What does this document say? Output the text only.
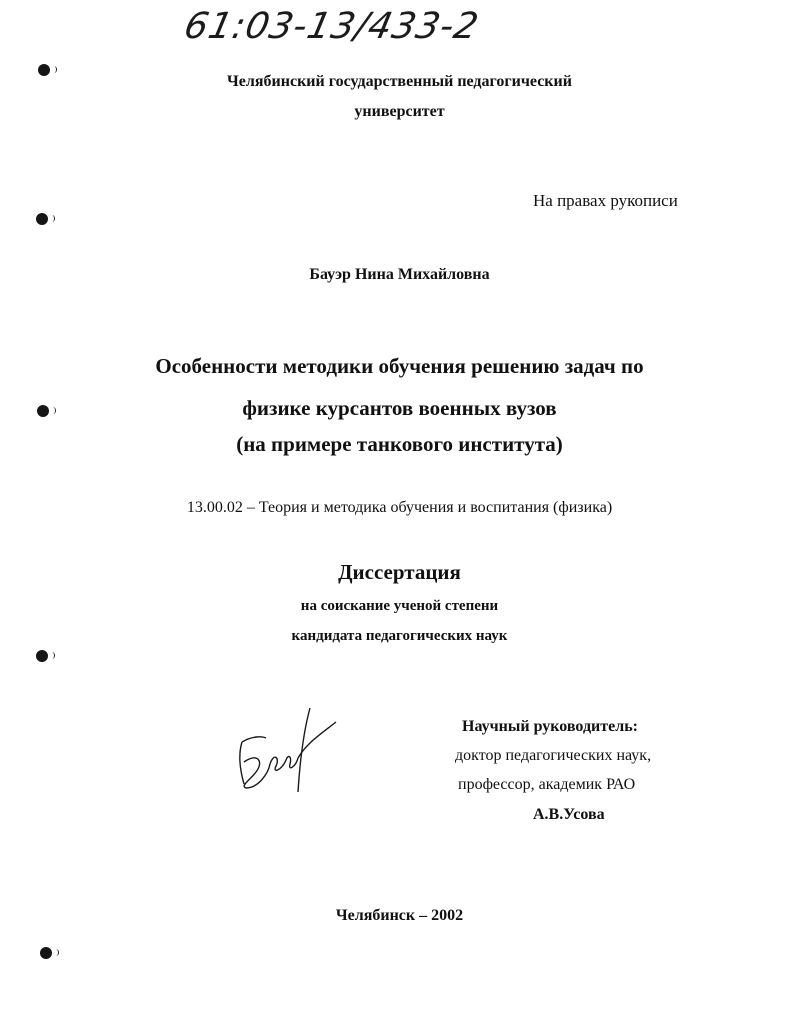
61:03-13/433-2
Челябинский государственный педагогический
университет
На правах рукописи
Бауэр Нина Михайловна
Особенности методики обучения решению задач по
физике курсантов военных вузов
(на примере танкового института)
13.00.02 – Теория и методика обучения и воспитания (физика)
Диссертация
на соискание ученой степени
кандидата педагогических наук
Научный руководитель:
доктор педагогических наук,
профессор, академик РАО
А.В.Усова
Челябинск – 2002
